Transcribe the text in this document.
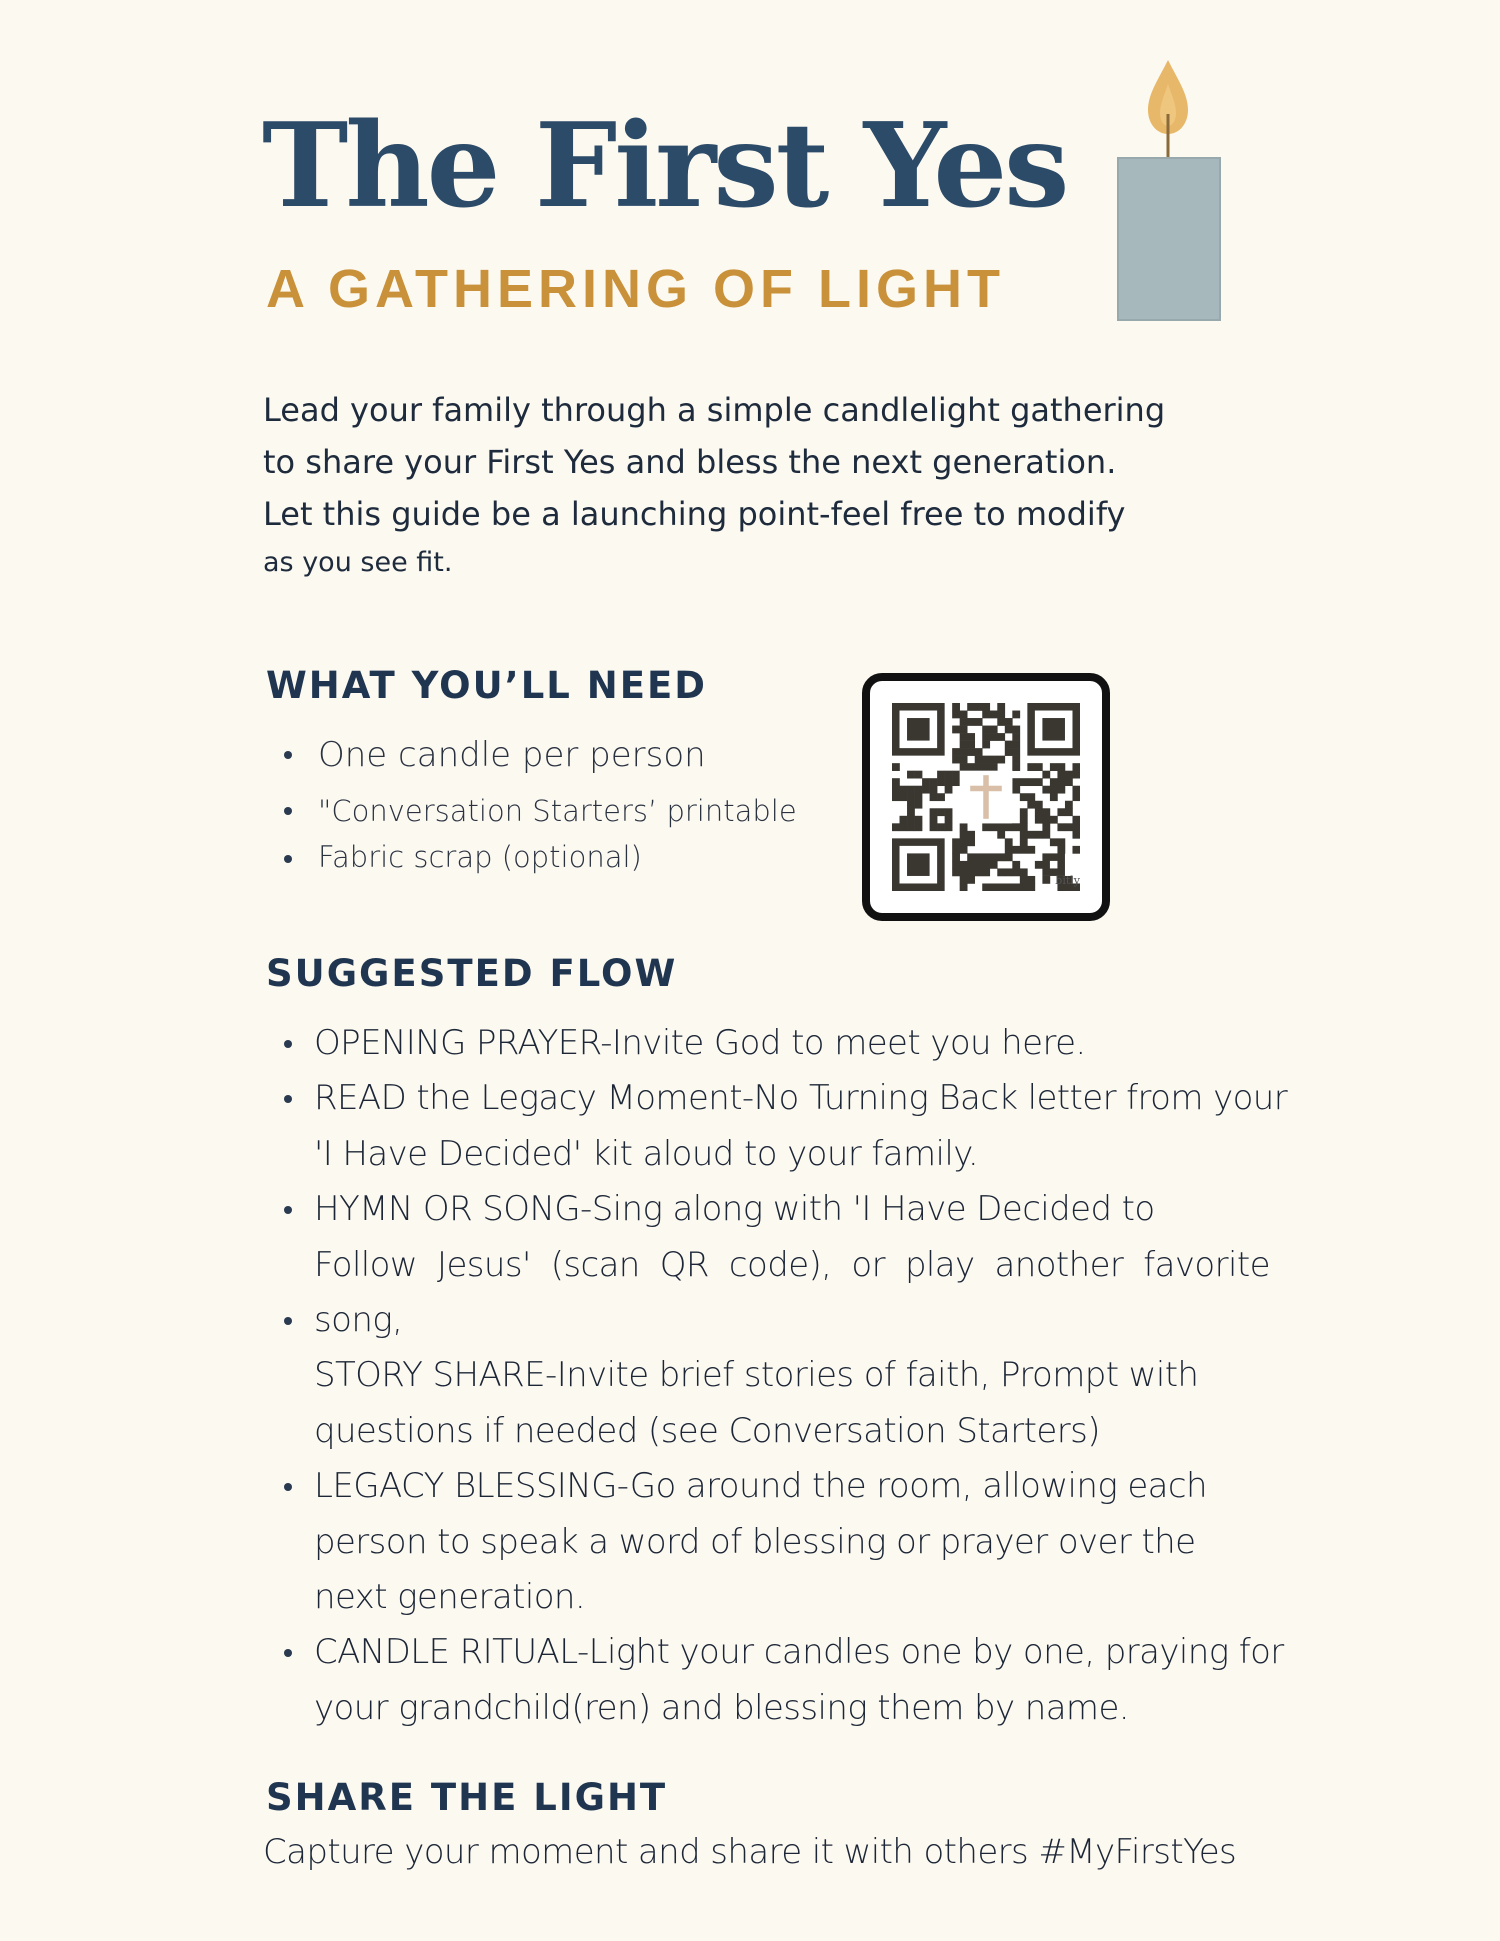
The First Yes
A GATHERING OF LIGHT

Lead your family through a simple candlelight gathering

to share your First Yes and bless the next generation.

Let this guide be a launching point-feel free to modify

as you see fit.

WHAT YOU’LL NEED
One candle per person
"Conversation Starters’ printable
Fabric scrap (optional)
bitly
SUGGESTED FLOW
OPENING PRAYER-Invite God to meet you here.
READ the Legacy Moment-No Turning Back letter from your
'I Have Decided' kit aloud to your family.
HYMN OR SONG-Sing along with 'I Have Decided to
Follow Jesus' (scan QR code), or play another favorite
song,
STORY SHARE-Invite brief stories of faith, Prompt with
questions if needed (see Conversation Starters)
LEGACY BLESSING-Go around the room, allowing each
person to speak a word of blessing or prayer over the
next generation.
CANDLE RITUAL-Light your candles one by one, praying for
your grandchild(ren) and blessing them by name.
SHARE THE LIGHT

Capture your moment and share it with others #MyFirstYes
